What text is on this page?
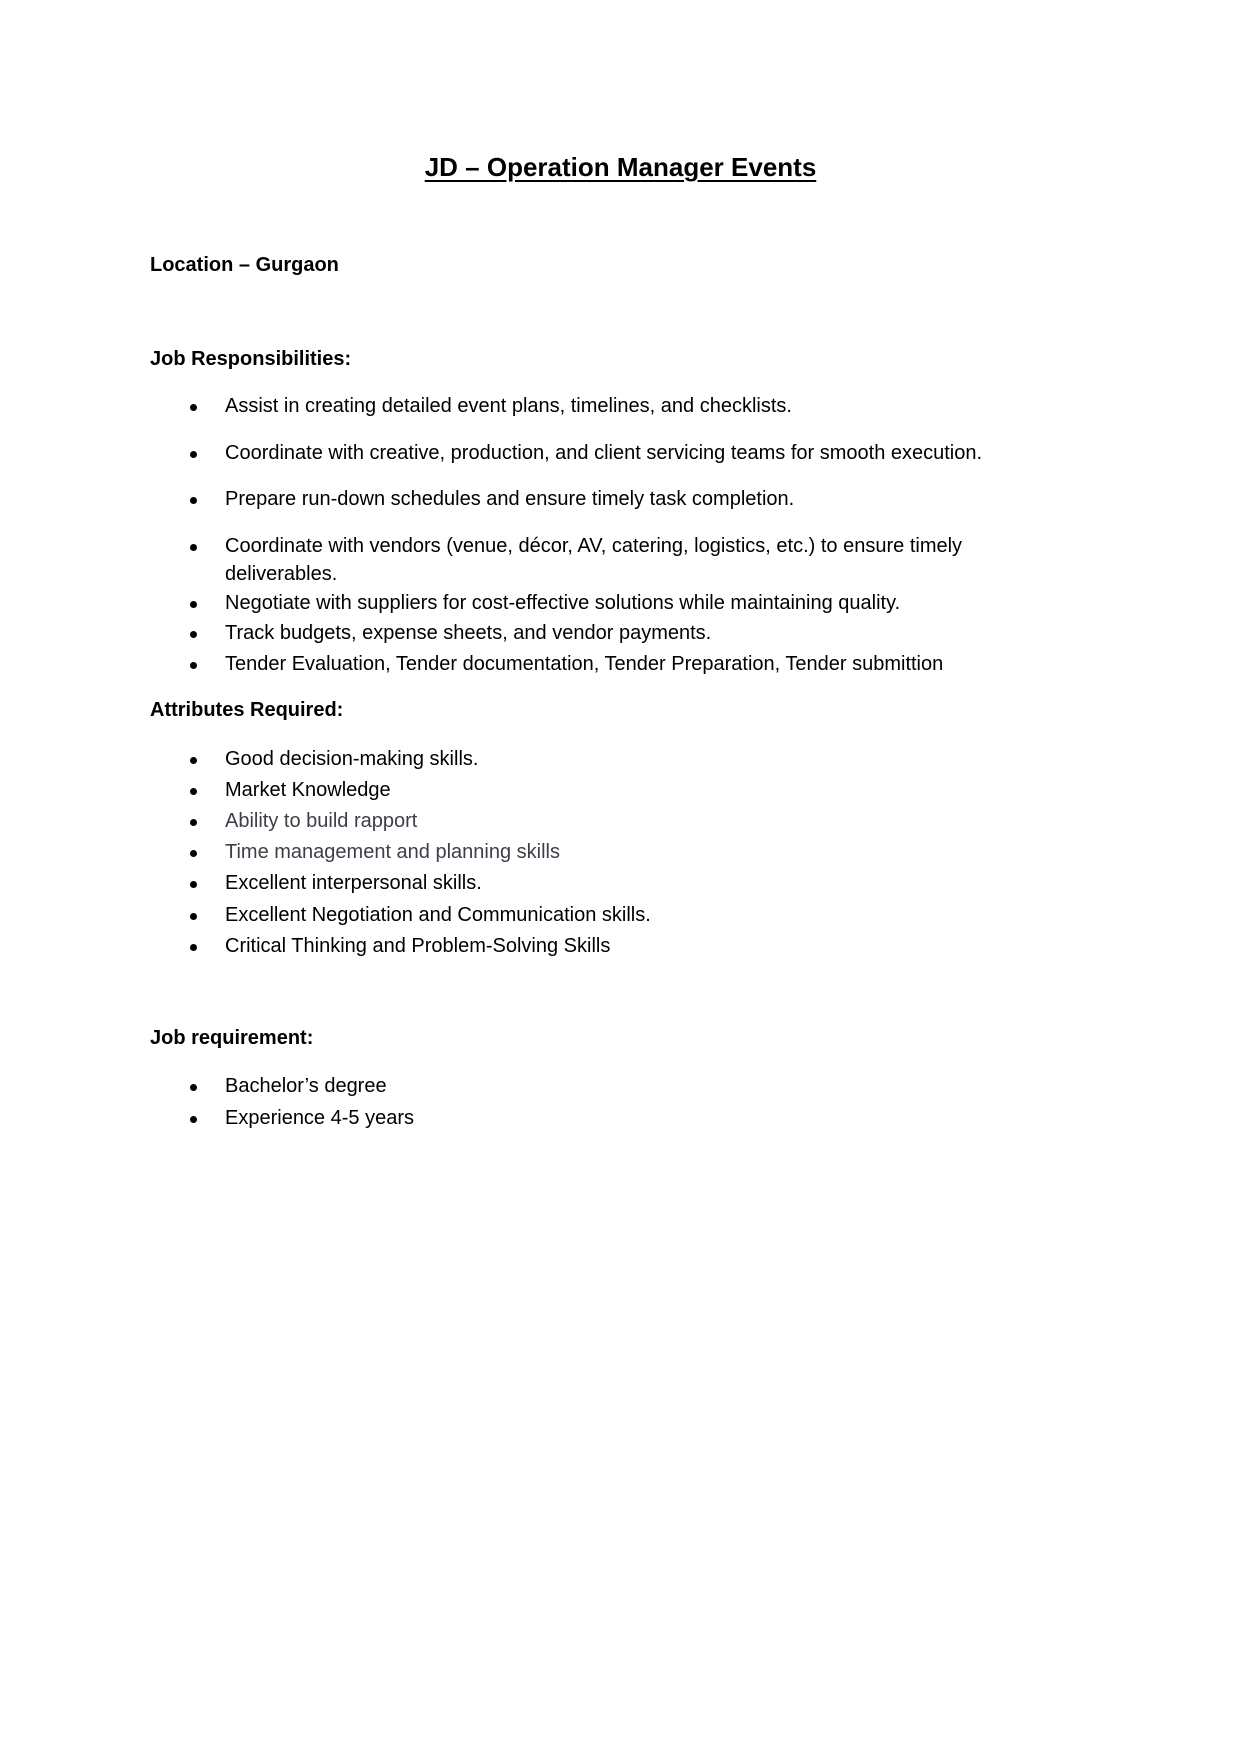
JD – Operation Manager Events
Location – Gurgaon
Job Responsibilities:
Assist in creating detailed event plans, timelines, and checklists.
Coordinate with creative, production, and client servicing teams for smooth execution.
Prepare run-down schedules and ensure timely task completion.
Coordinate with vendors (venue, décor, AV, catering, logistics, etc.) to ensure timely deliverables.
Negotiate with suppliers for cost-effective solutions while maintaining quality.
Track budgets, expense sheets, and vendor payments.
Tender Evaluation, Tender documentation, Tender Preparation, Tender submittion
Attributes Required:
Good decision-making skills.
Market Knowledge
Ability to build rapport
Time management and planning skills
Excellent interpersonal skills.
Excellent Negotiation and Communication skills.
Critical Thinking and Problem-Solving Skills
Job requirement:
Bachelor’s degree
Experience 4-5 years
